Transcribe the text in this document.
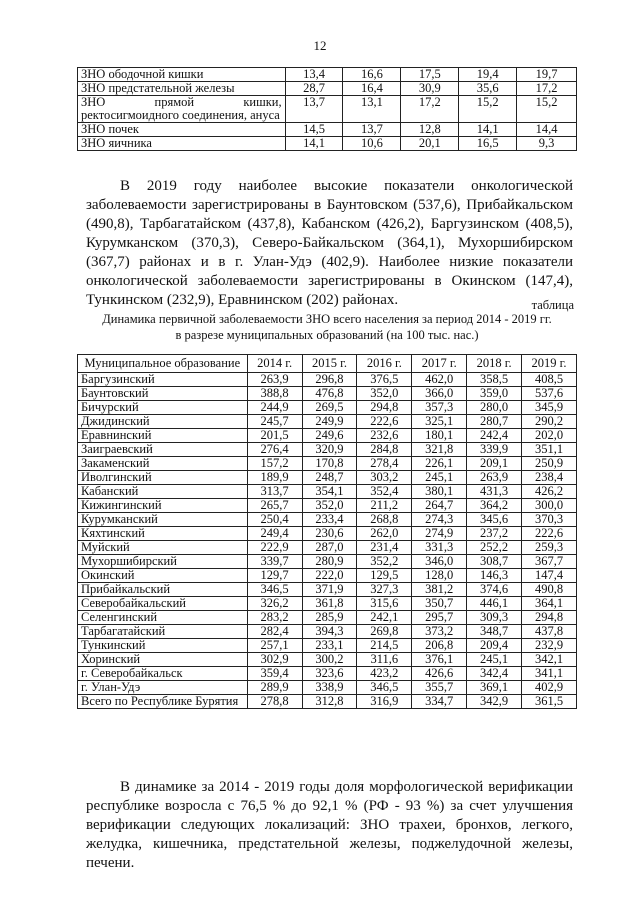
12
ЗНО ободочной кишки	13,4	16,6	17,5	19,4	19,7
ЗНО предстательной железы	28,7	16,4	30,9	35,6	17,2

ЗНО прямой кишки,
ректосигмоидного соединения, ануса	13,7	13,1	17,2	15,2	15,2
ЗНО почек	14,5	13,7	12,8	14,1	14,4
ЗНО яичника	14,1	10,6	20,1	16,5	9,3

В 2019 году наиболее высокие показатели онкологической заболеваемости зарегистрированы в Баунтовском (537,6), Прибайкальском (490,8), Тарбагатайском (437,8), Кабанском (426,2), Баргузинском (408,5), Курумканском (370,3), Северо-Байкальском (364,1), Мухоршибирском (367,7) районах и в г. Улан-Удэ (402,9). Наиболее низкие показатели онкологической заболеваемости зарегистрированы в Окинском (147,4), Тункинском (232,9), Еравнинском (202) районах.	таблица
Динамика первичной заболеваемости ЗНО всего населения за период 2014 - 2019 гг.
в разрезе муниципальных образований (на 100 тыс. нас.)
Муниципальное образование	2014 г.	2015 г.	2016 г.	2017 г.	2018 г.	2019 г.
Баргузинский	263,9	296,8	376,5	462,0	358,5	408,5
Баунтовский	388,8	476,8	352,0	366,0	359,0	537,6
Бичурский	244,9	269,5	294,8	357,3	280,0	345,9
Джидинский	245,7	249,9	222,6	325,1	280,7	290,2
Еравнинский	201,5	249,6	232,6	180,1	242,4	202,0
Заиграевский	276,4	320,9	284,8	321,8	339,9	351,1
Закаменский	157,2	170,8	278,4	226,1	209,1	250,9
Иволгинский	189,9	248,7	303,2	245,1	263,9	238,4
Кабанский	313,7	354,1	352,4	380,1	431,3	426,2
Кижингинский	265,7	352,0	211,2	264,7	364,2	300,0
Курумканский	250,4	233,4	268,8	274,3	345,6	370,3
Кяхтинский	249,4	230,6	262,0	274,9	237,2	222,6
Муйский	222,9	287,0	231,4	331,3	252,2	259,3
Мухоршибирский	339,7	280,9	352,2	346,0	308,7	367,7
Окинский	129,7	222,0	129,5	128,0	146,3	147,4
Прибайкальский	346,5	371,9	327,3	381,2	374,6	490,8
Северобайкальский	326,2	361,8	315,6	350,7	446,1	364,1
Селенгинский	283,2	285,9	242,1	295,7	309,3	294,8
Тарбагатайский	282,4	394,3	269,8	373,2	348,7	437,8
Тункинский	257,1	233,1	214,5	206,8	209,4	232,9
Хоринский	302,9	300,2	311,6	376,1	245,1	342,1
г. Северобайкальск	359,4	323,6	423,2	426,6	342,4	341,1
г. Улан-Удэ	289,9	338,9	346,5	355,7	369,1	402,9
Всего по Республике Бурятия	278,8	312,8	316,9	334,7	342,9	361,5

В динамике за 2014 - 2019 годы доля морфологической верификации республике возросла с 76,5 % до 92,1 % (РФ - 93 %) за счет улучшения верификации следующих локализаций: ЗНО трахеи, бронхов, легкого, желудка, кишечника, предстательной железы, поджелудочной железы, печени.
